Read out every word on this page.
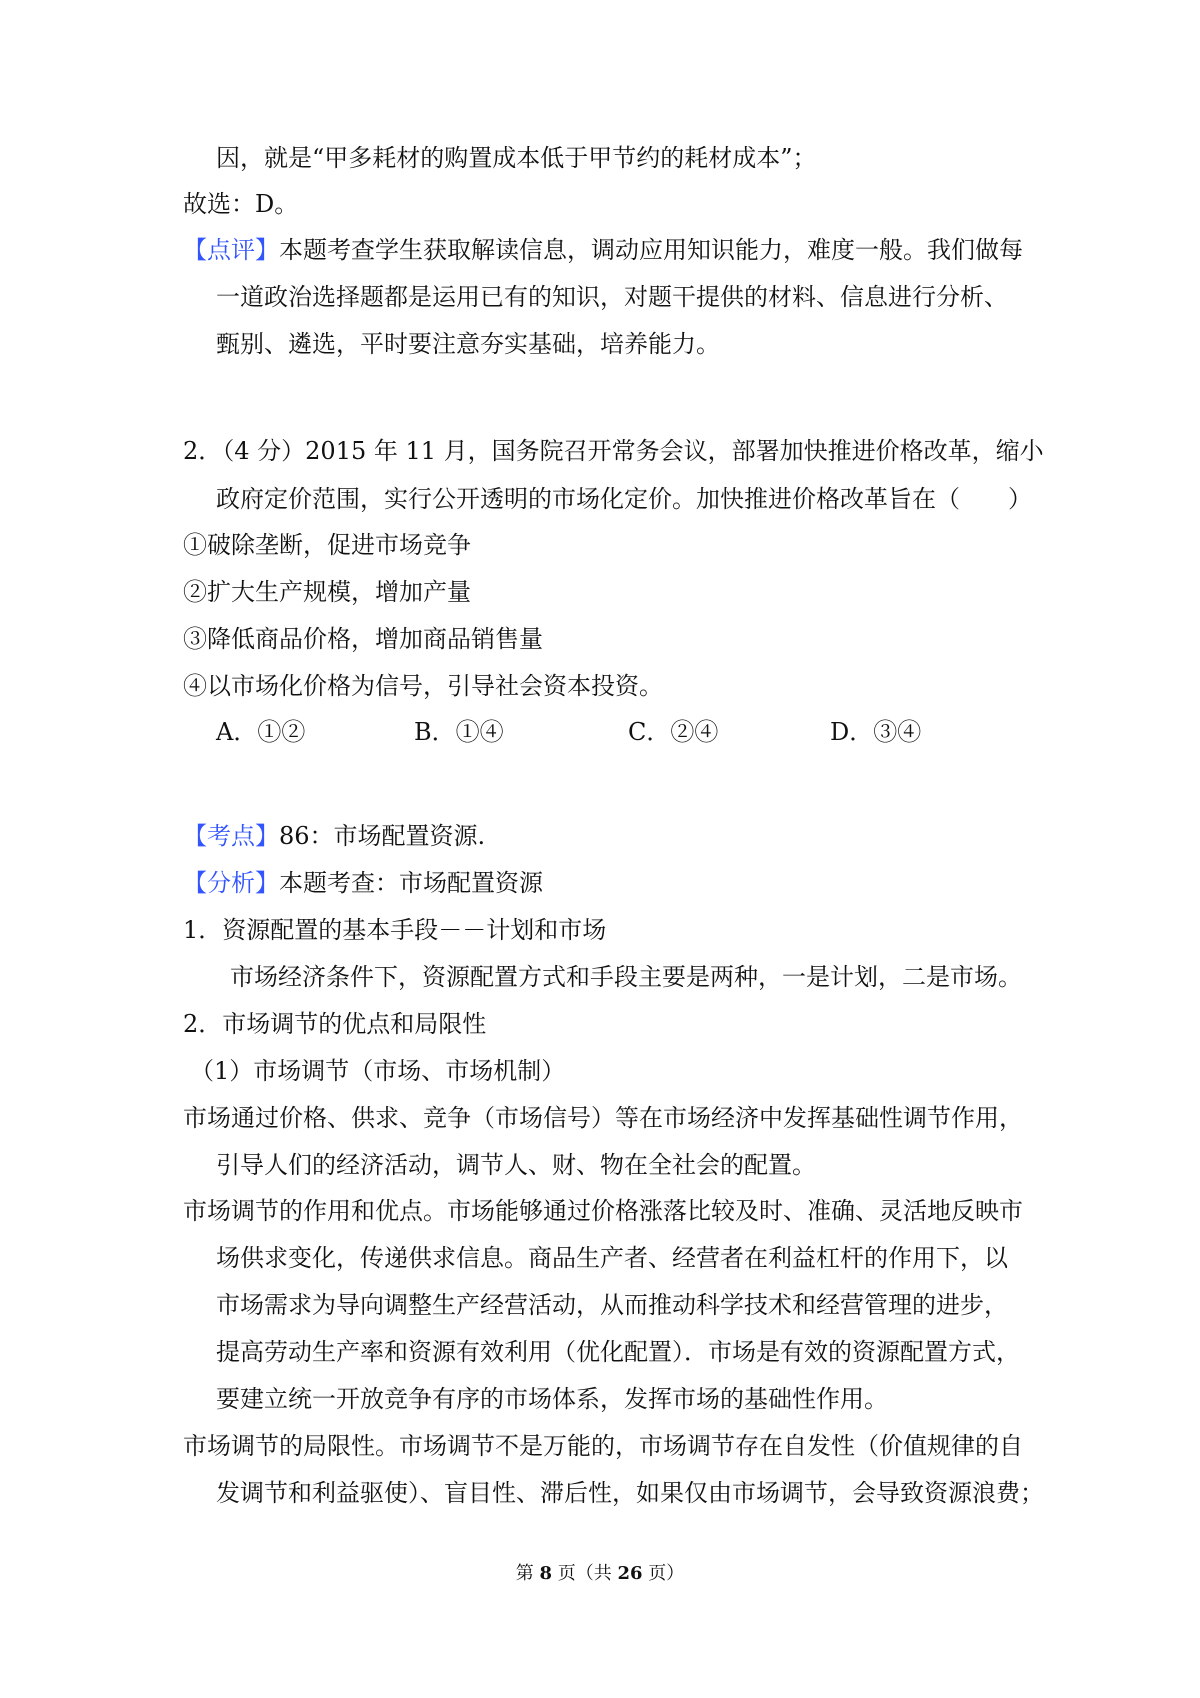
因，就是“甲多耗材的购置成本低于甲节约的耗材成本”；
故选：D。
【点评】本题考查学生获取解读信息，调动应用知识能力，难度一般。我们做每
一道政治选择题都是运用已有的知识，对题干提供的材料、信息进行分析、
甄别、遴选，平时要注意夯实基础，培养能力。
2．（4 分）2015 年 11 月，国务院召开常务会议，部署加快推进价格改革，缩小
政府定价范围，实行公开透明的市场化定价。加快推进价格改革旨在（　　）
①破除垄断，促进市场竞争
②扩大生产规模，增加产量
③降低商品价格，增加商品销售量
④以市场化价格为信号，引导社会资本投资。
A．①②	B．①④	C．②④	D．③④
【考点】86：市场配置资源.
【分析】本题考查：市场配置资源
1．资源配置的基本手段－－计划和市场
市场经济条件下，资源配置方式和手段主要是两种，一是计划，二是市场。
2．市场调节的优点和局限性
（1）市场调节（市场、市场机制）
市场通过价格、供求、竞争（市场信号）等在市场经济中发挥基础性调节作用，
引导人们的经济活动，调节人、财、物在全社会的配置。
市场调节的作用和优点。市场能够通过价格涨落比较及时、准确、灵活地反映市
场供求变化，传递供求信息。商品生产者、经营者在利益杠杆的作用下，以
市场需求为导向调整生产经营活动，从而推动科学技术和经营管理的进步，
提高劳动生产率和资源有效利用（优化配置）．市场是有效的资源配置方式，
要建立统一开放竞争有序的市场体系，发挥市场的基础性作用。
市场调节的局限性。市场调节不是万能的，市场调节存在自发性（价值规律的自
发调节和利益驱使）、盲目性、滞后性，如果仅由市场调节，会导致资源浪费；
第 8 页（共 26 页）
